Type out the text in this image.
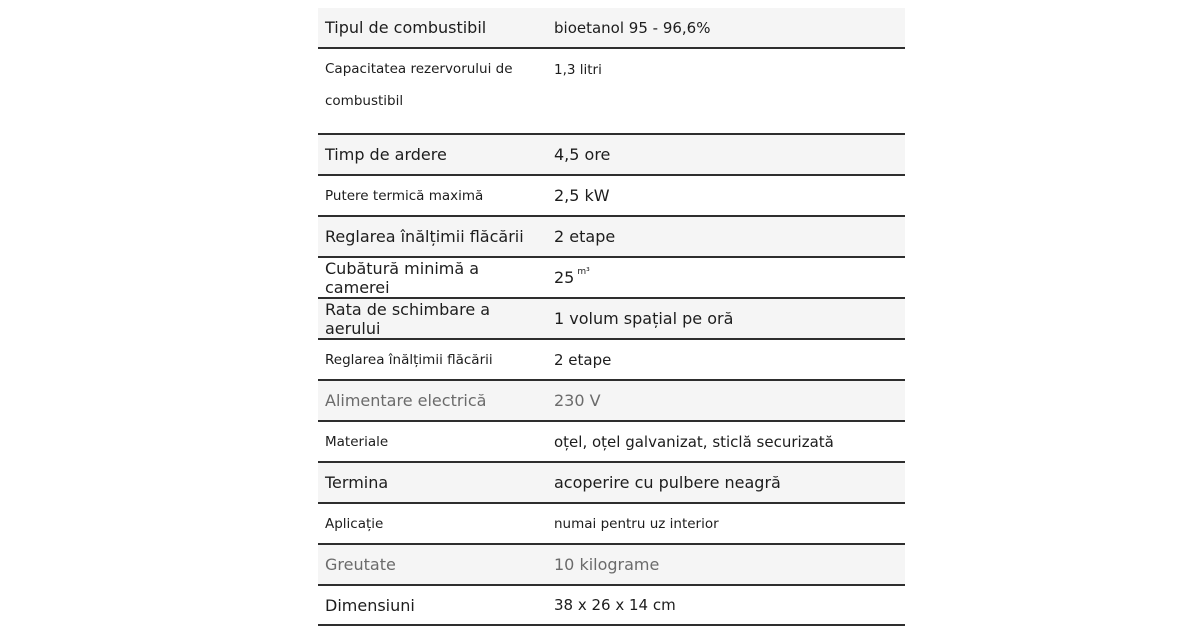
Tipul de combustibil	bioetanol 95 - 96,6%
Capacitatea rezervorului de combustibil	1,3 litri
Timp de ardere	4,5 ore
Putere termică maximă	2,5 kW
Reglarea înălțimii flăcării	2 etape
Cubătură minimă a camerei	25 $^{m^3}$
Rata de schimbare a aerului	1 volum spațial pe oră
Reglarea înălțimii flăcării	2 etape
Alimentare electrică	230 V
Materiale	oțel, oțel galvanizat, sticlă securizată
Termina	acoperire cu pulbere neagră
Aplicație	numai pentru uz interior
Greutate	10 kilograme
Dimensiuni	38 x 26 x 14 cm
